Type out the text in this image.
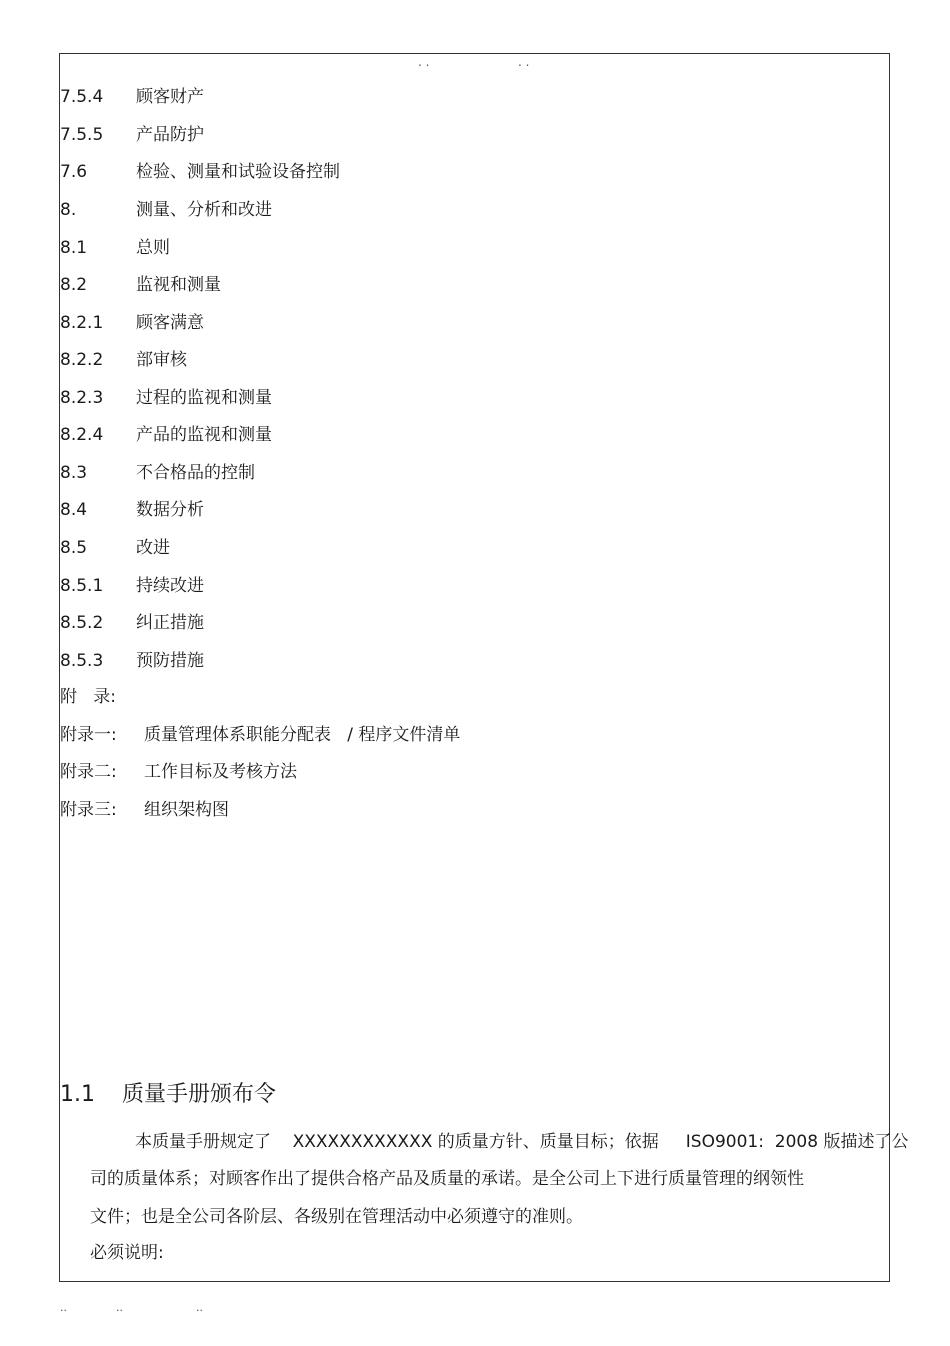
. .	. .
7.5.4 顾客财产
7.5.5 产品防护
7.6	检验、测量和试验设备控制
8.	测量、分析和改进
8.1	总则
8.2	监视和测量
8.2.1 顾客满意
8.2.2 部审核
8.2.3 过程的监视和测量
8.2.4 产品的监视和测量
8.3	不合格品的控制
8.4	数据分析
8.5	改进
8.5.1 持续改进
8.5.2 纠正措施
8.5.3 预防措施
附   录:
附录一: 质量管理体系职能分配表   / 程序文件清单
附录二: 工作目标及考核方法
附录三: 组织架构图
1.1 质量手册颁布令
本质量手册规定了    XXXXXXXXXXXX 的质量方针、质量目标；依据     ISO9001:  2008 版描述了公
司的质量体系；对顾客作出了提供合格产品及质量的承诺。是全公司上下进行质量管理的纲领性
文件；也是全公司各阶层、各级别在管理活动中必须遵守的准则。
必须说明:
..	..	..
